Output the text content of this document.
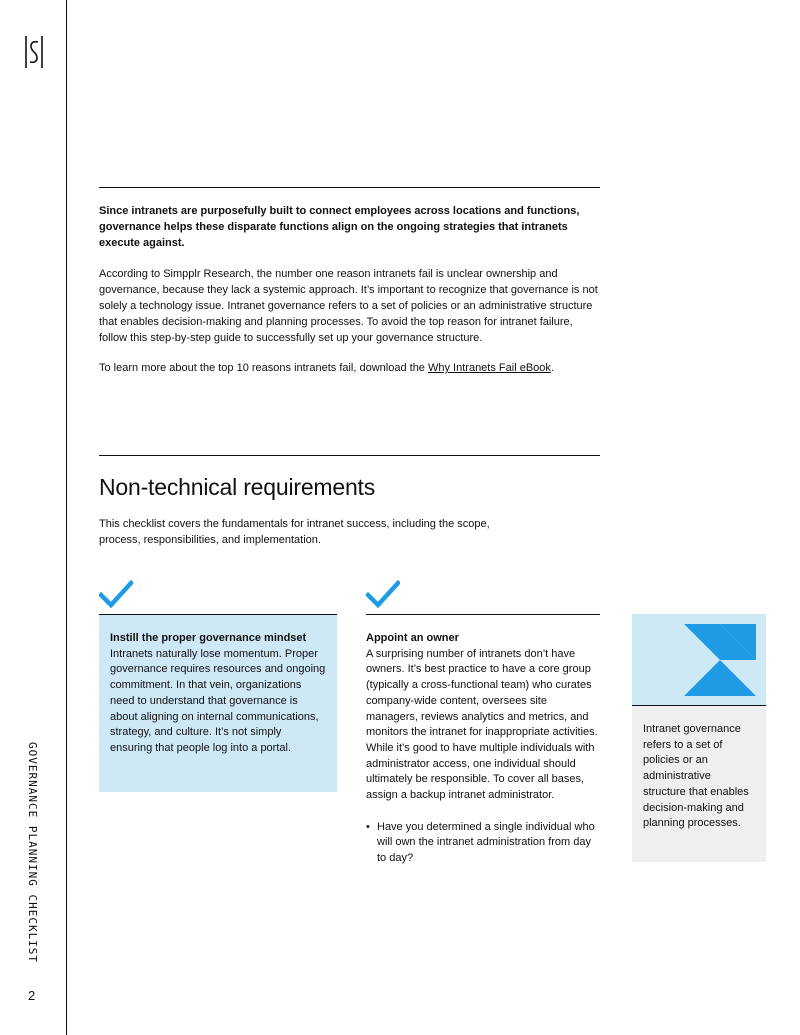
GOVERNANCE PLANNING CHECKLIST
2
Since intranets are purposefully built to connect employees across locations and functions, governance helps these disparate functions align on the ongoing strategies that intranets execute against.
According to Simpplr Research, the number one reason intranets fail is unclear ownership and governance, because they lack a systemic approach. It’s important to recognize that governance is not solely a technology issue. Intranet governance refers to a set of policies or an administrative structure that enables decision-making and planning processes. To avoid the top reason for intranet failure, follow this step-by-step guide to successfully set up your governance structure.
To learn more about the top 10 reasons intranets fail, download the Why Intranets Fail eBook.
Non-technical requirements
This checklist covers the fundamentals for intranet success, including the scope, process, responsibilities, and implementation.
Instill the proper governance mindset
Intranets naturally lose momentum. Proper governance requires resources and ongoing commitment. In that vein, organizations need to understand that governance is about aligning on internal communications, strategy, and culture. It’s not simply ensuring that people log into a portal.
Appoint an owner
A surprising number of intranets don’t have owners. It’s best practice to have a core group (typically a cross-functional team) who curates company-wide content, oversees site managers, reviews analytics and metrics, and monitors the intranet for inappropriate activities. While it’s good to have multiple individuals with administrator access, one individual should ultimately be responsible. To cover all bases, assign a backup intranet administrator.
• Have you determined a single individual who will own the intranet administration from day to day?
Intranet governance refers to a set of policies or an administrative structure that enables decision-making and planning processes.
